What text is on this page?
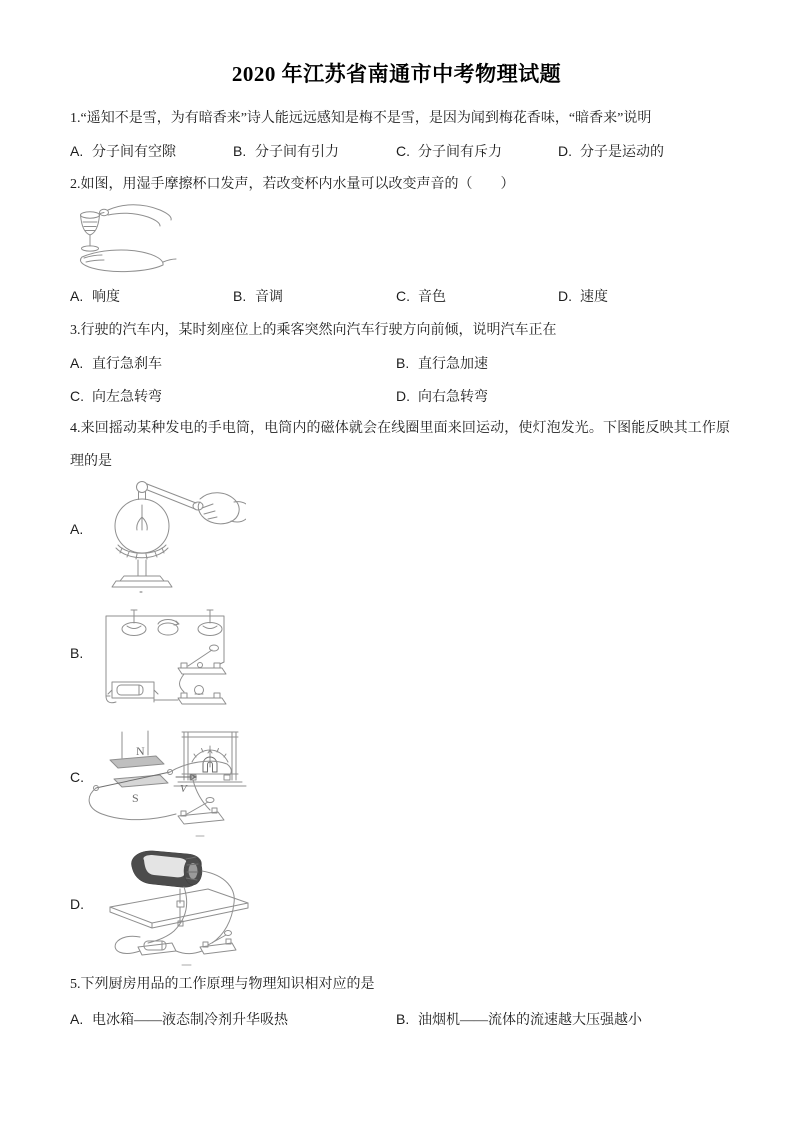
2020 年江苏省南通市中考物理试题
1.“遥知不是雪，为有暗香来”诗人能远远感知是梅不是雪，是因为闻到梅花香味，“暗香来”说明
A. 分子间有空隙	B. 分子间有引力	C. 分子间有斥力	D. 分子是运动的
2.如图，用湿手摩擦杯口发声，若改变杯内水量可以改变声音的（　　）
A. 响度	B. 音调	C. 音色	D. 速度
3.行驶的汽车内，某时刻座位上的乘客突然向汽车行驶方向前倾，说明汽车正在
A. 直行急刹车	B. 直行急加速
C. 向左急转弯	D. 向右急转弯
4.来回摇动某种发电的手电筒，电筒内的磁体就会在线圈里面来回运动，使灯泡发光。下图能反映其工作原理的是
A.
B.
C.
N
S
V
D.
5.下列厨房用品的工作原理与物理知识相对应的是
A. 电冰箱——液态制冷剂升华吸热	B. 油烟机——流体的流速越大压强越小
